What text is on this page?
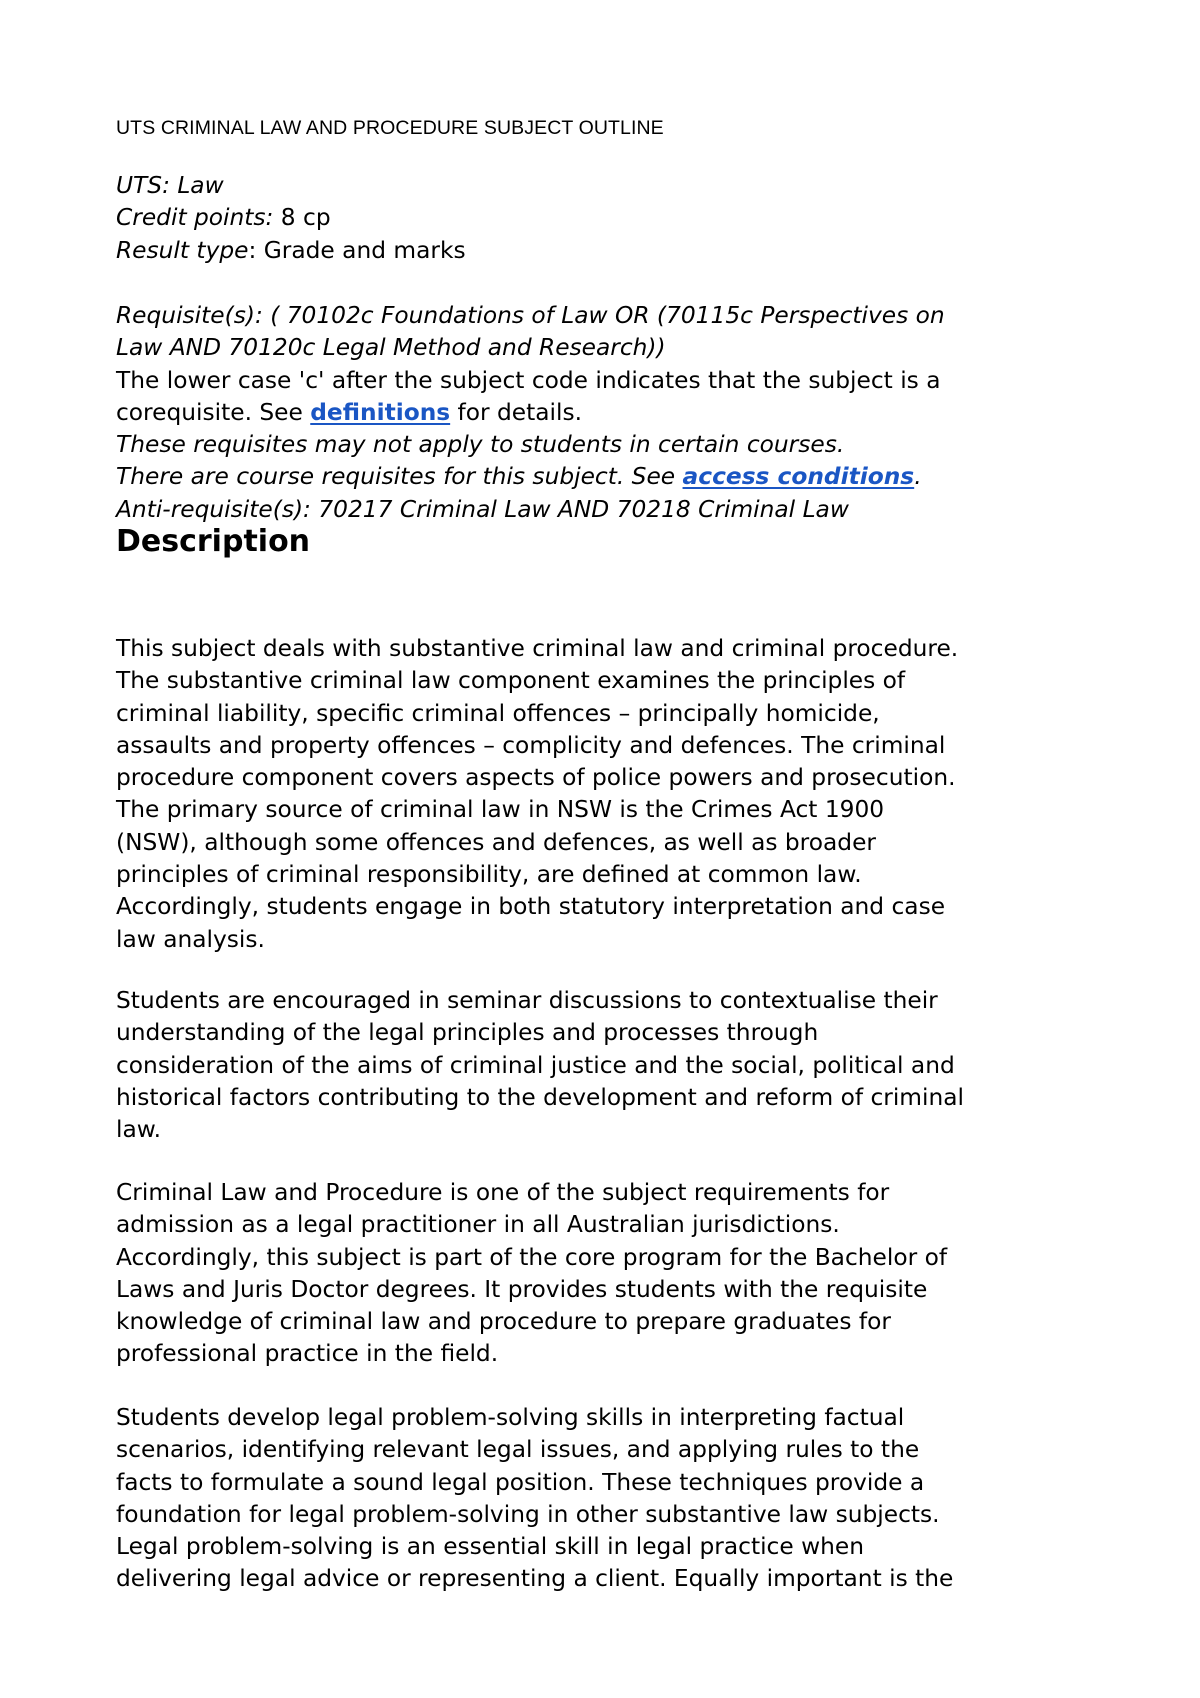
UTS CRIMINAL LAW AND PROCEDURE SUBJECT OUTLINE
UTS: Law
Credit points: 8 cp
Result type: Grade and marks
Requisite(s): ( 70102c Foundations of Law OR (70115c Perspectives on
Law AND 70120c Legal Method and Research))
The lower case 'c' after the subject code indicates that the subject is a
corequisite. See definitions for details.
These requisites may not apply to students in certain courses.
There are course requisites for this subject. See access conditions.
Anti-requisite(s): 70217 Criminal Law AND 70218 Criminal Law
Description
This subject deals with substantive criminal law and criminal procedure.
The substantive criminal law component examines the principles of
criminal liability, specific criminal offences – principally homicide,
assaults and property offences – complicity and defences. The criminal
procedure component covers aspects of police powers and prosecution.
The primary source of criminal law in NSW is the Crimes Act 1900
(NSW), although some offences and defences, as well as broader
principles of criminal responsibility, are defined at common law.
Accordingly, students engage in both statutory interpretation and case
law analysis.
Students are encouraged in seminar discussions to contextualise their
understanding of the legal principles and processes through
consideration of the aims of criminal justice and the social, political and
historical factors contributing to the development and reform of criminal
law.
Criminal Law and Procedure is one of the subject requirements for
admission as a legal practitioner in all Australian jurisdictions.
Accordingly, this subject is part of the core program for the Bachelor of
Laws and Juris Doctor degrees. It provides students with the requisite
knowledge of criminal law and procedure to prepare graduates for
professional practice in the field.
Students develop legal problem-solving skills in interpreting factual
scenarios, identifying relevant legal issues, and applying rules to the
facts to formulate a sound legal position. These techniques provide a
foundation for legal problem-solving in other substantive law subjects.
Legal problem-solving is an essential skill in legal practice when
delivering legal advice or representing a client. Equally important is the
